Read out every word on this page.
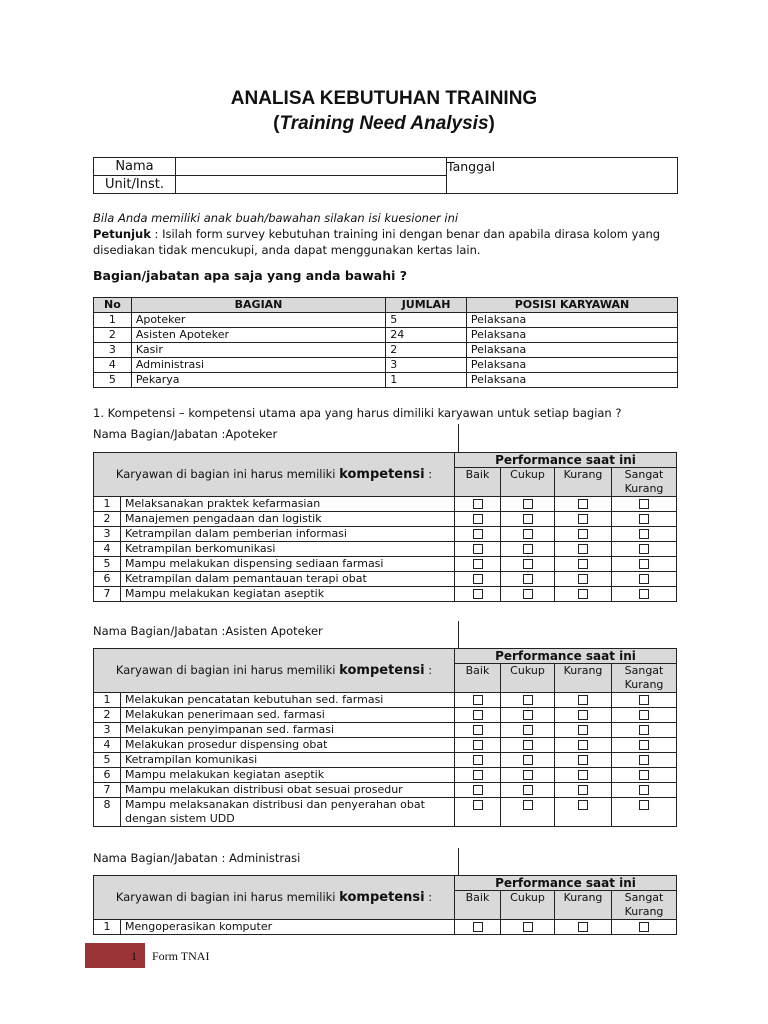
ANALISA KEBUTUHAN TRAINING
(Training Need Analysis)
Nama		Tanggal
Unit/Inst.		
Bila Anda memiliki anak buah/bawahan silakan isi kuesioner ini
Petunjuk : Isilah form survey kebutuhan training ini dengan benar dan apabila dirasa kolom yang disediakan tidak mencukupi, anda dapat menggunakan kertas lain.
Bagian/jabatan apa saja yang anda bawahi ?
No	BAGIAN	JUMLAH	POSISI KARYAWAN
1	Apoteker	5	Pelaksana
2	Asisten Apoteker	24	Pelaksana
3	Kasir	2	Pelaksana
4	Administrasi	3	Pelaksana
5	Pekarya	1	Pelaksana
1. Kompetensi – kompetensi utama apa yang harus dimiliki karyawan untuk setiap bagian ?
Nama Bagian/Jabatan :Apoteker
Karyawan di bagian ini harus memiliki kompetensi :		Performance saat ini			
		Baik	Cukup	Kurang	Sangat Kurang
1	Melaksanakan praktek kefarmasian				
2	Manajemen pengadaan dan logistik				
3	Ketrampilan dalam pemberian informasi				
4	Ketrampilan berkomunikasi				
5	Mampu melakukan dispensing sediaan farmasi				
6	Ketrampilan dalam pemantauan terapi obat				
7	Mampu melakukan kegiatan aseptik				
Nama Bagian/Jabatan :Asisten Apoteker
Karyawan di bagian ini harus memiliki kompetensi :		Performance saat ini			
		Baik	Cukup	Kurang	Sangat Kurang
1	Melakukan pencatatan kebutuhan sed. farmasi				
2	Melakukan penerimaan sed. farmasi				
3	Melakukan penyimpanan sed. farmasi				
4	Melakukan prosedur dispensing obat				
5	Ketrampilan komunikasi				
6	Mampu melakukan kegiatan aseptik				
7	Mampu melakukan distribusi obat sesuai prosedur				
8	Mampu melaksanakan distribusi dan penyerahan obat dengan sistem UDD				
Nama Bagian/Jabatan : Administrasi
Karyawan di bagian ini harus memiliki kompetensi :		Performance saat ini			
		Baik	Cukup	Kurang	Sangat Kurang
1	Mengoperasikan komputer				
1 Form TNAI
